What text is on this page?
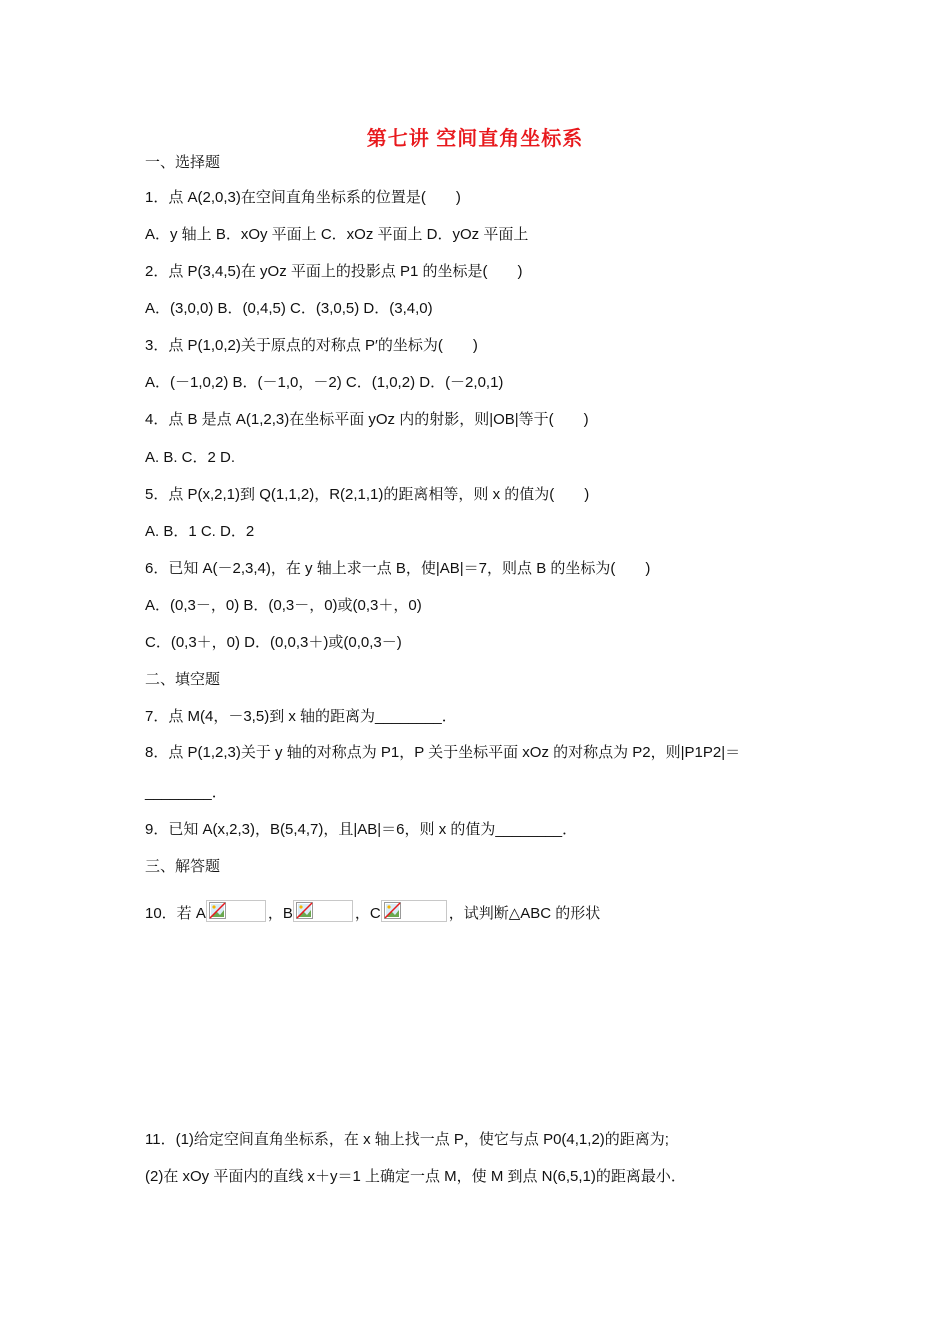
第七讲 空间直角坐标系
一、选择题
1．点 A(2,0,3)在空间直角坐标系的位置是(　　)
A．y 轴上 B．xOy 平面上 C．xOz 平面上 D．yOz 平面上
2．点 P(3,4,5)在 yOz 平面上的投影点 P1 的坐标是(　　)
A．(3,0,0) B．(0,4,5) C．(3,0,5) D．(3,4,0)
3．点 P(1,0,2)关于原点的对称点 P′的坐标为(　　)
A．(－1,0,2) B．(－1,0，－2) C．(1,0,2) D．(－2,0,1)
4．点 B 是点 A(1,2,3)在坐标平面 yOz 内的射影，则|OB|等于(　　)
A. B. C．2 D.
5．点 P(x,2,1)到 Q(1,1,2)，R(2,1,1)的距离相等，则 x 的值为(　　)
A. B．1 C. D．2
6．已知 A(－2,3,4)，在 y 轴上求一点 B，使|AB|＝7，则点 B 的坐标为(　　)
A．(0,3－，0) B．(0,3－，0)或(0,3＋，0)
C．(0,3＋，0) D．(0,0,3＋)或(0,0,3－)
二、填空题
7．点 M(4，－3,5)到 x 轴的距离为________．
8．点 P(1,2,3)关于 y 轴的对称点为 P1，P 关于坐标平面 xOz 的对称点为 P2，则|P1P2|＝
________．
9．已知 A(x,2,3)，B(5,4,7)，且|AB|＝6，则 x 的值为________．
三、解答题
10．若 A	，B	，C	，试判断△ABC 的形状
11．(1)给定空间直角坐标系，在 x 轴上找一点 P，使它与点 P0(4,1,2)的距离为;
(2)在 xOy 平面内的直线 x＋y＝1 上确定一点 M，使 M 到点 N(6,5,1)的距离最小．
